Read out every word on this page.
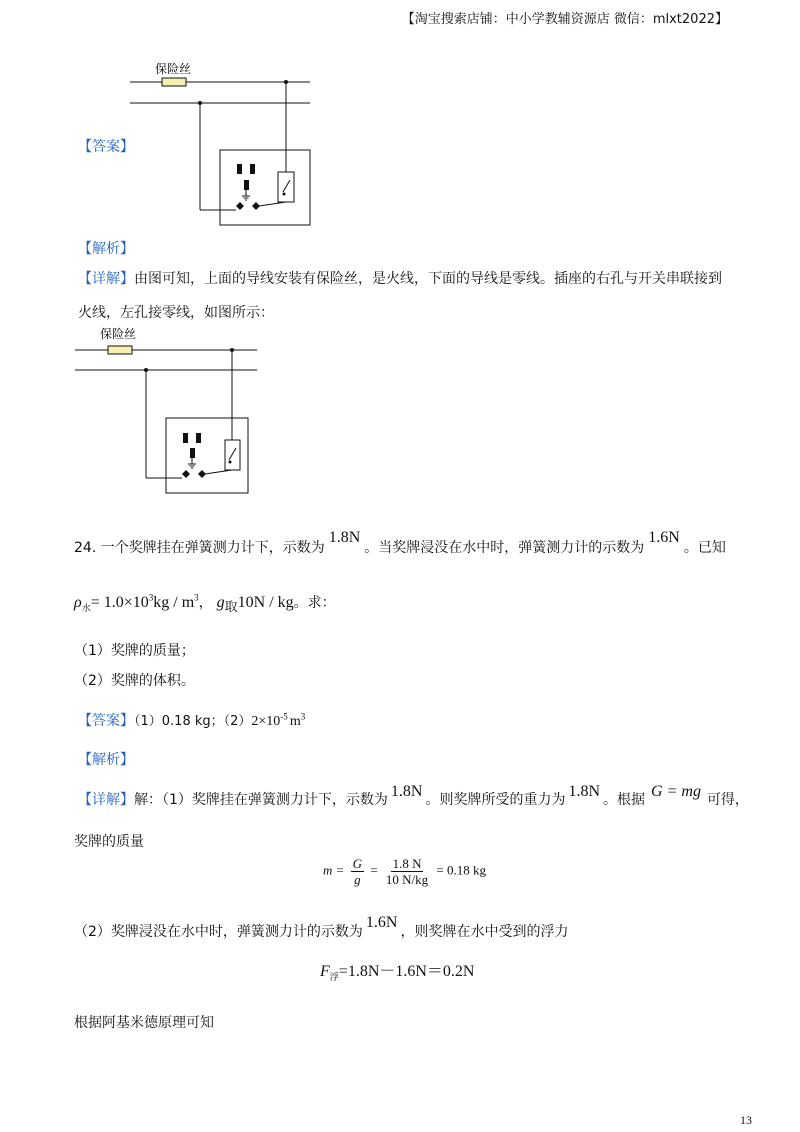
【淘宝搜索店铺：中小学教辅资源店 微信：mlxt2022】
【答案】
保险丝
【解析】
【详解】由图可知，上面的导线安装有保险丝，是火线，下面的导线是零线。插座的右孔与开关串联接到
火线，左孔接零线，如图所示：
保险丝
24. 一个奖牌挂在弹簧测力计下，示数为1.8N。当奖牌浸没在水中时，弹簧测力计的示数为1.6N。已知
$\rho_水= 1.0\times 10^3kg / m^3$， $g_取10N$ / kg。求：
（1）奖牌的质量；
（2）奖牌的体积。
【答案】（1）0.18 kg；$(2)2\times 10^{-5}$ $m^3$
【解析】
【详解】解：（1）奖牌挂在弹簧测力计下，示数为 1.8N 。则奖牌所受的重力为 1.8N 。根据 G = mg 可得，
奖牌的质量
$m = \frac{G}{g} = \frac{1.8 N}{10 N/kg} = 0.18$ kg
（2）奖牌浸没在水中时，弹簧测力计的示数为1.6N，则奖牌在水中受到的浮力
$F_浮=1.8N-1.6N=0.2N$
根据阿基米德原理可知
13
